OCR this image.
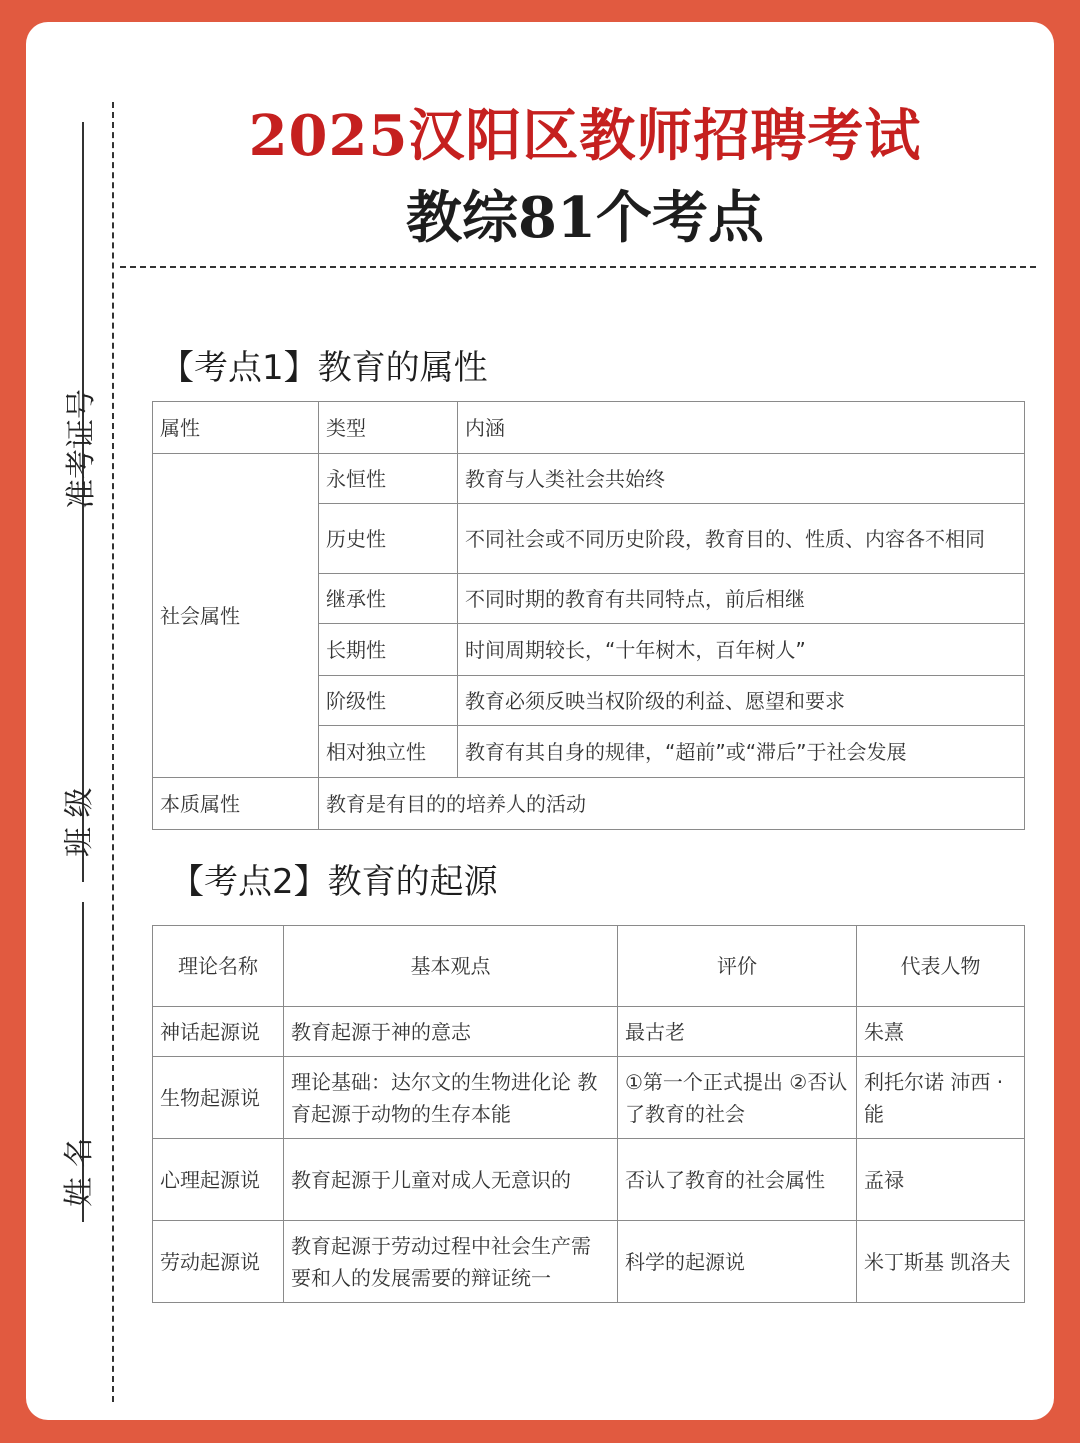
准考证号
班 级
姓 名
2025汉阳区教师招聘考试
教综81个考点
【考点1】教育的属性
属性	类型	内涵
社会属性	永恒性	教育与人类社会共始终
	历史性	不同社会或不同历史阶段，教育目的、性质、内容各不相同
	继承性	不同时期的教育有共同特点，前后相继
	长期性	时间周期较长，“十年树木，百年树人”
	阶级性	教育必须反映当权阶级的利益、愿望和要求
	相对独立性	教育有其自身的规律，“超前”或“滞后”于社会发展
本质属性	教育是有目的的培养人的活动	
【考点2】教育的起源
理论名称	基本观点	评价	代表人物
神话起源说	教育起源于神的意志	最古老	朱熹
生物起源说	理论基础：达尔文的生物进化论 教育起源于动物的生存本能	①第一个正式提出 ②否认了教育的社会	利托尔诺 沛西 · 能
心理起源说	教育起源于儿童对成人无意识的	否认了教育的社会属性	孟禄
劳动起源说	教育起源于劳动过程中社会生产需要和人的发展需要的辩证统一	科学的起源说	米丁斯基 凯洛夫
